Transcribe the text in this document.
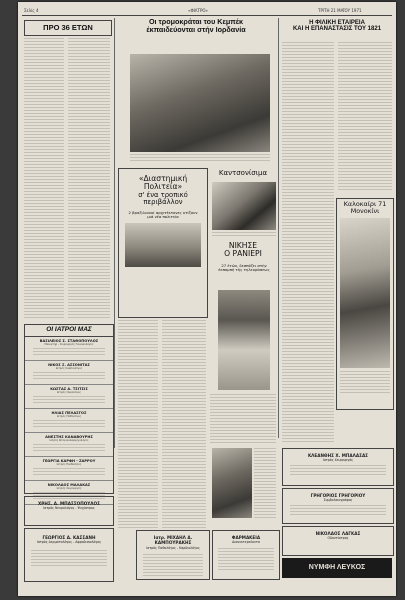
Σελίς 4	«ΦΙΛΤΡΟ»	ΤΡΙΤΗ 21 ΜΑΪΟΥ 1971
ΠΡΟ 36 ΕΤΩΝ
ΟΙ ΙΑΤΡΟΙ ΜΑΣ
ΒΑΣΙΛΕΙΟΣ Σ. ΣΤΑΘΟΠΟΥΛΟΣ
Μαιευτήρ - Χειρουργός Γυναικολόγος
ΝΙΚΟΣ Σ. ΑΣΣΟΝΙΤΑΣ
Ιατρός Καρδιολόγος
ΚΩΣΤΑΣ Α. ΤΣΙΤΣΙΣ
Ιατρός Ουρολόγος
ΗΛΙΑΣ ΠΕΛΑΣΓΟΣ
Ιατρός Παθολόγος
ΑΝΕΣΤΗΣ ΚΑΝΑΒΟΥΡΗΣ
Ιατρός Ωτορινολαρυγγολόγος
ΓΕΩΡΓΙΑ ΚΑΡΦΗ - ΖΑΡΡΟΥ
Ιατρός Παιδίατρος
ΝΙΚΟΛΑΟΣ ΜΑΛΑΚΑΣ
Ιατρός Χειρουργός
ΧΡΗΣ. Δ. ΜΠΑΣΣΟΠΟΥΛΟΣ
Ιατρός Νευρολόγος - Ψυχίατρος
ΓΕΩΡΓΙΟΣ Δ. ΚΑΣΣΑΝΗ
Ιατρός Δερματολόγος - Αφροδισιολόγος
Οι τρομοκράται του Κεμπέκ
έκπαιδεύονται στήν Ιορδανία
«Διαστημική
Πολιτεία»
σ' ένα τροπικό
περιβάλλον
2 βραζιλιανοί αρχιτέκτονες κτίζουν μιά νέα πολιτεία
Καντσονίσιμα
ΝΙΚΗΣΕ
Ο ΡΑΝΙΕΡΙ
27 έτών, δεσπόζει στήν έκπομπή τῆς τηλεοράσεως
Ιατρ. ΜΙΧΑΗΛ Δ. ΚΑΜΠΟΥΡΑΚΗΣ
Ιατρός Παθολόγος - Καρδιολόγος
ΦΑΡΜΑΚΕΙΑ
Διανυκτερεύοντα
Η ΦΙΛΙΚΗ ΕΤΑΙΡΕΙΑ
ΚΑΙ Η ΕΠΑΝΑΣΤΑΣΙΣ ΤΟΥ 1821
Καλοκαίρι 71
Μονοκίνι
ΚΛΕΑΝΘΗΣ Χ. ΜΠΑΛΑΣΑΣ
Ιατρός Χειρουργός
ΓΡΗΓΟΡΙΟΣ ΓΡΗΓΟΡΙΟΥ
Συμβολαιογράφος
ΝΙΚΟΛΑΟΣ ΛΑΓΚΑΣ
Οδοντίατρος
ΝΥΜΦΗ ΛΕΥΚΟΣ
